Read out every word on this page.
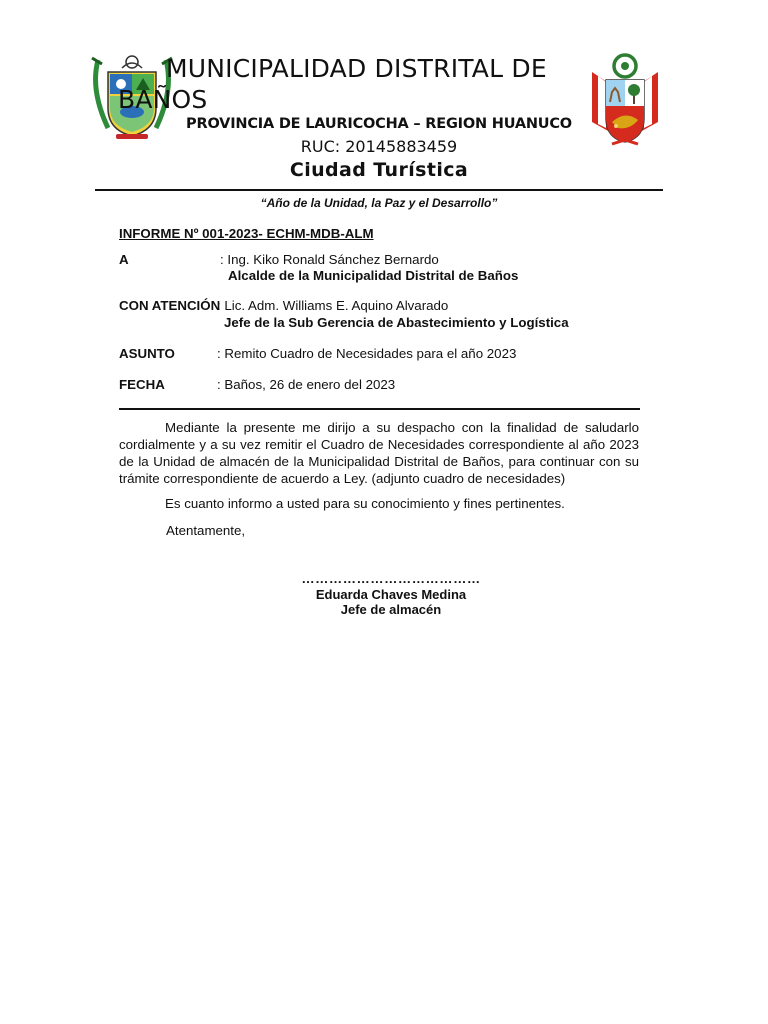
MUNICIPALIDAD DISTRITAL DE BAÑOS
PROVINCIA DE LAURICOCHA – REGION HUANUCO
RUC: 20145883459
Ciudad Turística
“Año de la Unidad, la Paz y el Desarrollo”
INFORME Nº 001-2023- ECHM-MDB-ALM
A	: Ing. Kiko Ronald Sánchez Bernardo
Alcalde de la Municipalidad Distrital de Baños
CON ATENCIÓN
: Lic. Adm. Williams E. Aquino Alvarado
Jefe de la Sub Gerencia de Abastecimiento y Logística
ASUNTO	: Remito Cuadro de Necesidades para el año 2023
FECHA	: Baños, 26 de enero del 2023
Mediante la presente me dirijo a su despacho con la finalidad de saludarlo cordialmente y a su vez remitir el Cuadro de Necesidades correspondiente al año 2023 de la Unidad de almacén de la Municipalidad Distrital de Baños, para continuar con su trámite correspondiente de acuerdo a Ley. (adjunto cuadro de necesidades)
Es cuanto informo a usted para su conocimiento y fines pertinentes.
Atentamente,
…………………………………
Eduarda Chaves Medina
Jefe de almacén
